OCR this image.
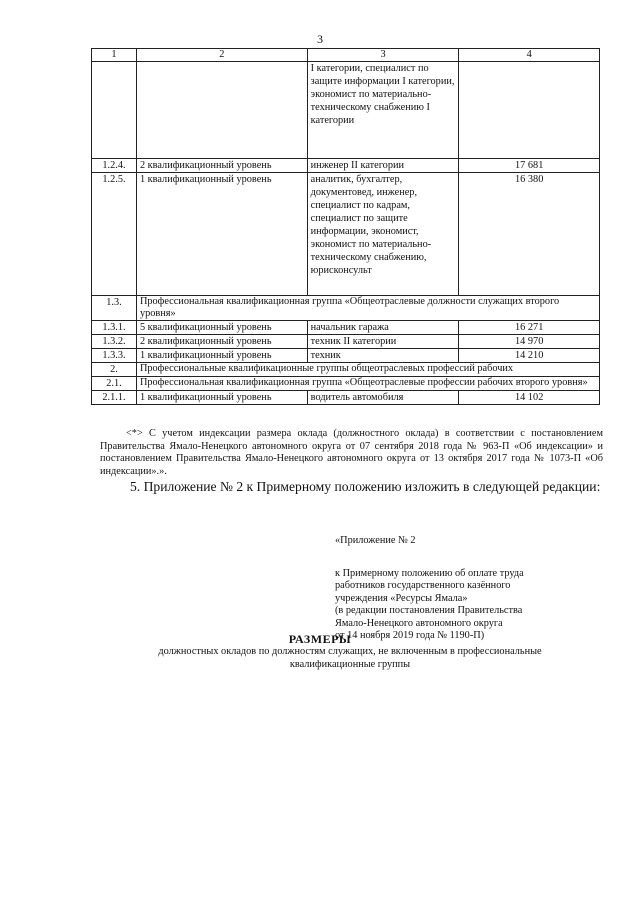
3
1	2	3	4
		I категории, специалист по защите информации I категории, экономист по материально-техническому снабжению I категории	
1.2.4.	2 квалификационный уровень	инженер II категории	17 681
1.2.5.	1 квалификационный уровень	аналитик, бухгалтер, документовед, инженер, специалист по кадрам, специалист по защите информации, экономист, экономист по материально-техническому снабжению, юрисконсульт	16 380
1.3.	Профессиональная квалификационная группа «Общеотраслевые должности служащих второго уровня»		
1.3.1.	5 квалификационный уровень	начальник гаража	16 271
1.3.2.	2 квалификационный уровень	техник II категории	14 970
1.3.3.	1 квалификационный уровень	техник	14 210
2.	Профессиональные квалификационные группы общеотраслевых профессий рабочих		
2.1.	Профессиональная квалификационная группа «Общеотраслевые профессии рабочих второго уровня»		
2.1.1.	1 квалификационный уровень	водитель автомобиля	14 102
<*> С учетом индексации размера оклада (должностного оклада) в соответствии с постановлением Правительства Ямало-Ненецкого автономного округа от 07 сентября 2018 года № 963-П «Об индексации» и постановлением Правительства Ямало-Ненецкого автономного округа от 13 октября 2017 года № 1073-П «Об индексации».».
5. Приложение № 2 к Примерному положению изложить в следующей редакции:

«Приложение № 2

к Примерному положению об оплате труда

работников государственного казённого

учреждения «Ресурсы Ямала»

(в редакции постановления Правительства

Ямало-Ненецкого автономного округа

от 14 ноября 2019 года № 1190-П)

РАЗМЕРЫ
должностных окладов по должностям служащих, не включенным в профессиональные квалификационные группы
